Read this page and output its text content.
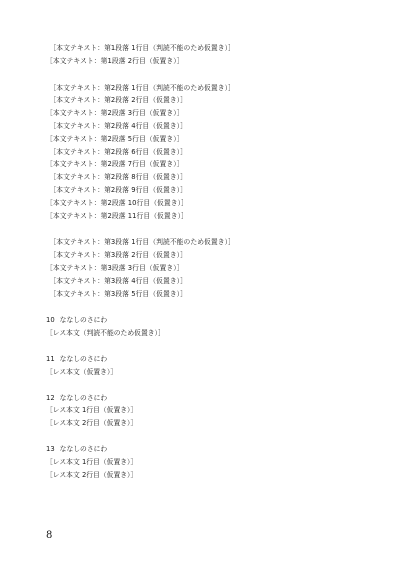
　［本文テキスト：第1段落 1行目（判読不能のため仮置き）］
［本文テキスト：第1段落 2行目（仮置き）］
　［本文テキスト：第2段落 1行目（判読不能のため仮置き）］
　［本文テキスト：第2段落 2行目（仮置き）］
［本文テキスト：第2段落 3行目（仮置き）］
　［本文テキスト：第2段落 4行目（仮置き）］
［本文テキスト：第2段落 5行目（仮置き）］
　［本文テキスト：第2段落 6行目（仮置き）］
［本文テキスト：第2段落 7行目（仮置き）］
　［本文テキスト：第2段落 8行目（仮置き）］
　［本文テキスト：第2段落 9行目（仮置き）］
［本文テキスト：第2段落 10行目（仮置き）］
［本文テキスト：第2段落 11行目（仮置き）］
　［本文テキスト：第3段落 1行目（判読不能のため仮置き）］
　［本文テキスト：第3段落 2行目（仮置き）］
［本文テキスト：第3段落 3行目（仮置き）］
　［本文テキスト：第3段落 4行目（仮置き）］
　［本文テキスト：第3段落 5行目（仮置き）］
10 ななしのさにわ
［レス本文（判読不能のため仮置き）］
11 ななしのさにわ
［レス本文（仮置き）］
12 ななしのさにわ
［レス本文 1行目（仮置き）］
［レス本文 2行目（仮置き）］
13 ななしのさにわ
［レス本文 1行目（仮置き）］
［レス本文 2行目（仮置き）］
8
